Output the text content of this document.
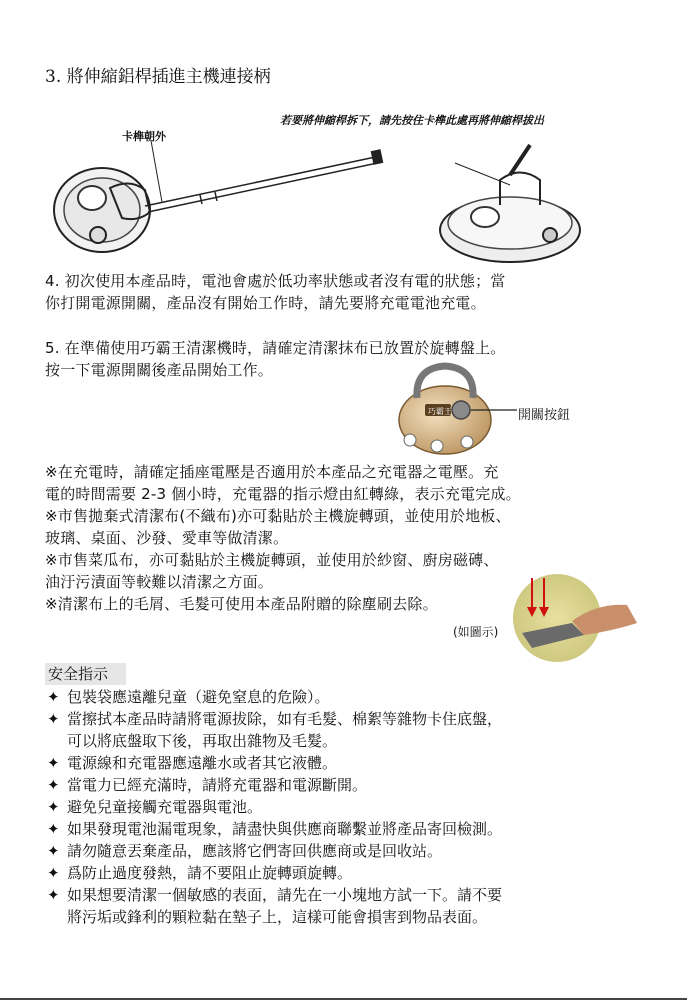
3. 將伸縮鋁桿插進主機連接柄
若要將伸縮桿拆下，請先按住卡榫此處再將伸縮桿拔出
卡榫朝外
4. 初次使用本產品時，電池會處於低功率狀態或者沒有電的狀態；當
你打開電源開關，產品沒有開始工作時，請先要將充電電池充電。
5. 在準備使用巧霸王清潔機時，請確定清潔抹布已放置於旋轉盤上。
按一下電源開關後產品開始工作。
巧霸王	開關按鈕
※在充電時，請確定插座電壓是否適用於本產品之充電器之電壓。充
電的時間需要 2-3 個小時，充電器的指示燈由紅轉綠，表示充電完成。
※市售拋棄式清潔布(不織布)亦可黏貼於主機旋轉頭，並使用於地板、
玻璃、桌面、沙發、愛車等做清潔。
※市售菜瓜布，亦可黏貼於主機旋轉頭，並使用於紗窗、廚房磁磚、
油汙污漬面等較難以清潔之方面。
※清潔布上的毛屑、毛髮可使用本產品附贈的除塵刷去除。
(如圖示)
安全指示
✦ 包裝袋應遠離兒童（避免窒息的危險）。
✦ 當擦拭本產品時請將電源拔除，如有毛髮、棉絮等雜物卡住底盤，
可以將底盤取下後，再取出雜物及毛髮。
✦ 電源線和充電器應遠離水或者其它液體。
✦ 當電力已經充滿時，請將充電器和電源斷開。
✦ 避免兒童接觸充電器與電池。
✦ 如果發現電池漏電現象，請盡快與供應商聯繫並將產品寄回檢測。
✦ 請勿隨意丟棄產品，應該將它們寄回供應商或是回收站。
✦ 爲防止過度發熱，請不要阻止旋轉頭旋轉。
✦ 如果想要清潔一個敏感的表面，請先在一小塊地方試一下。請不要
將污垢或鋒利的顆粒黏在墊子上，這樣可能會損害到物品表面。
